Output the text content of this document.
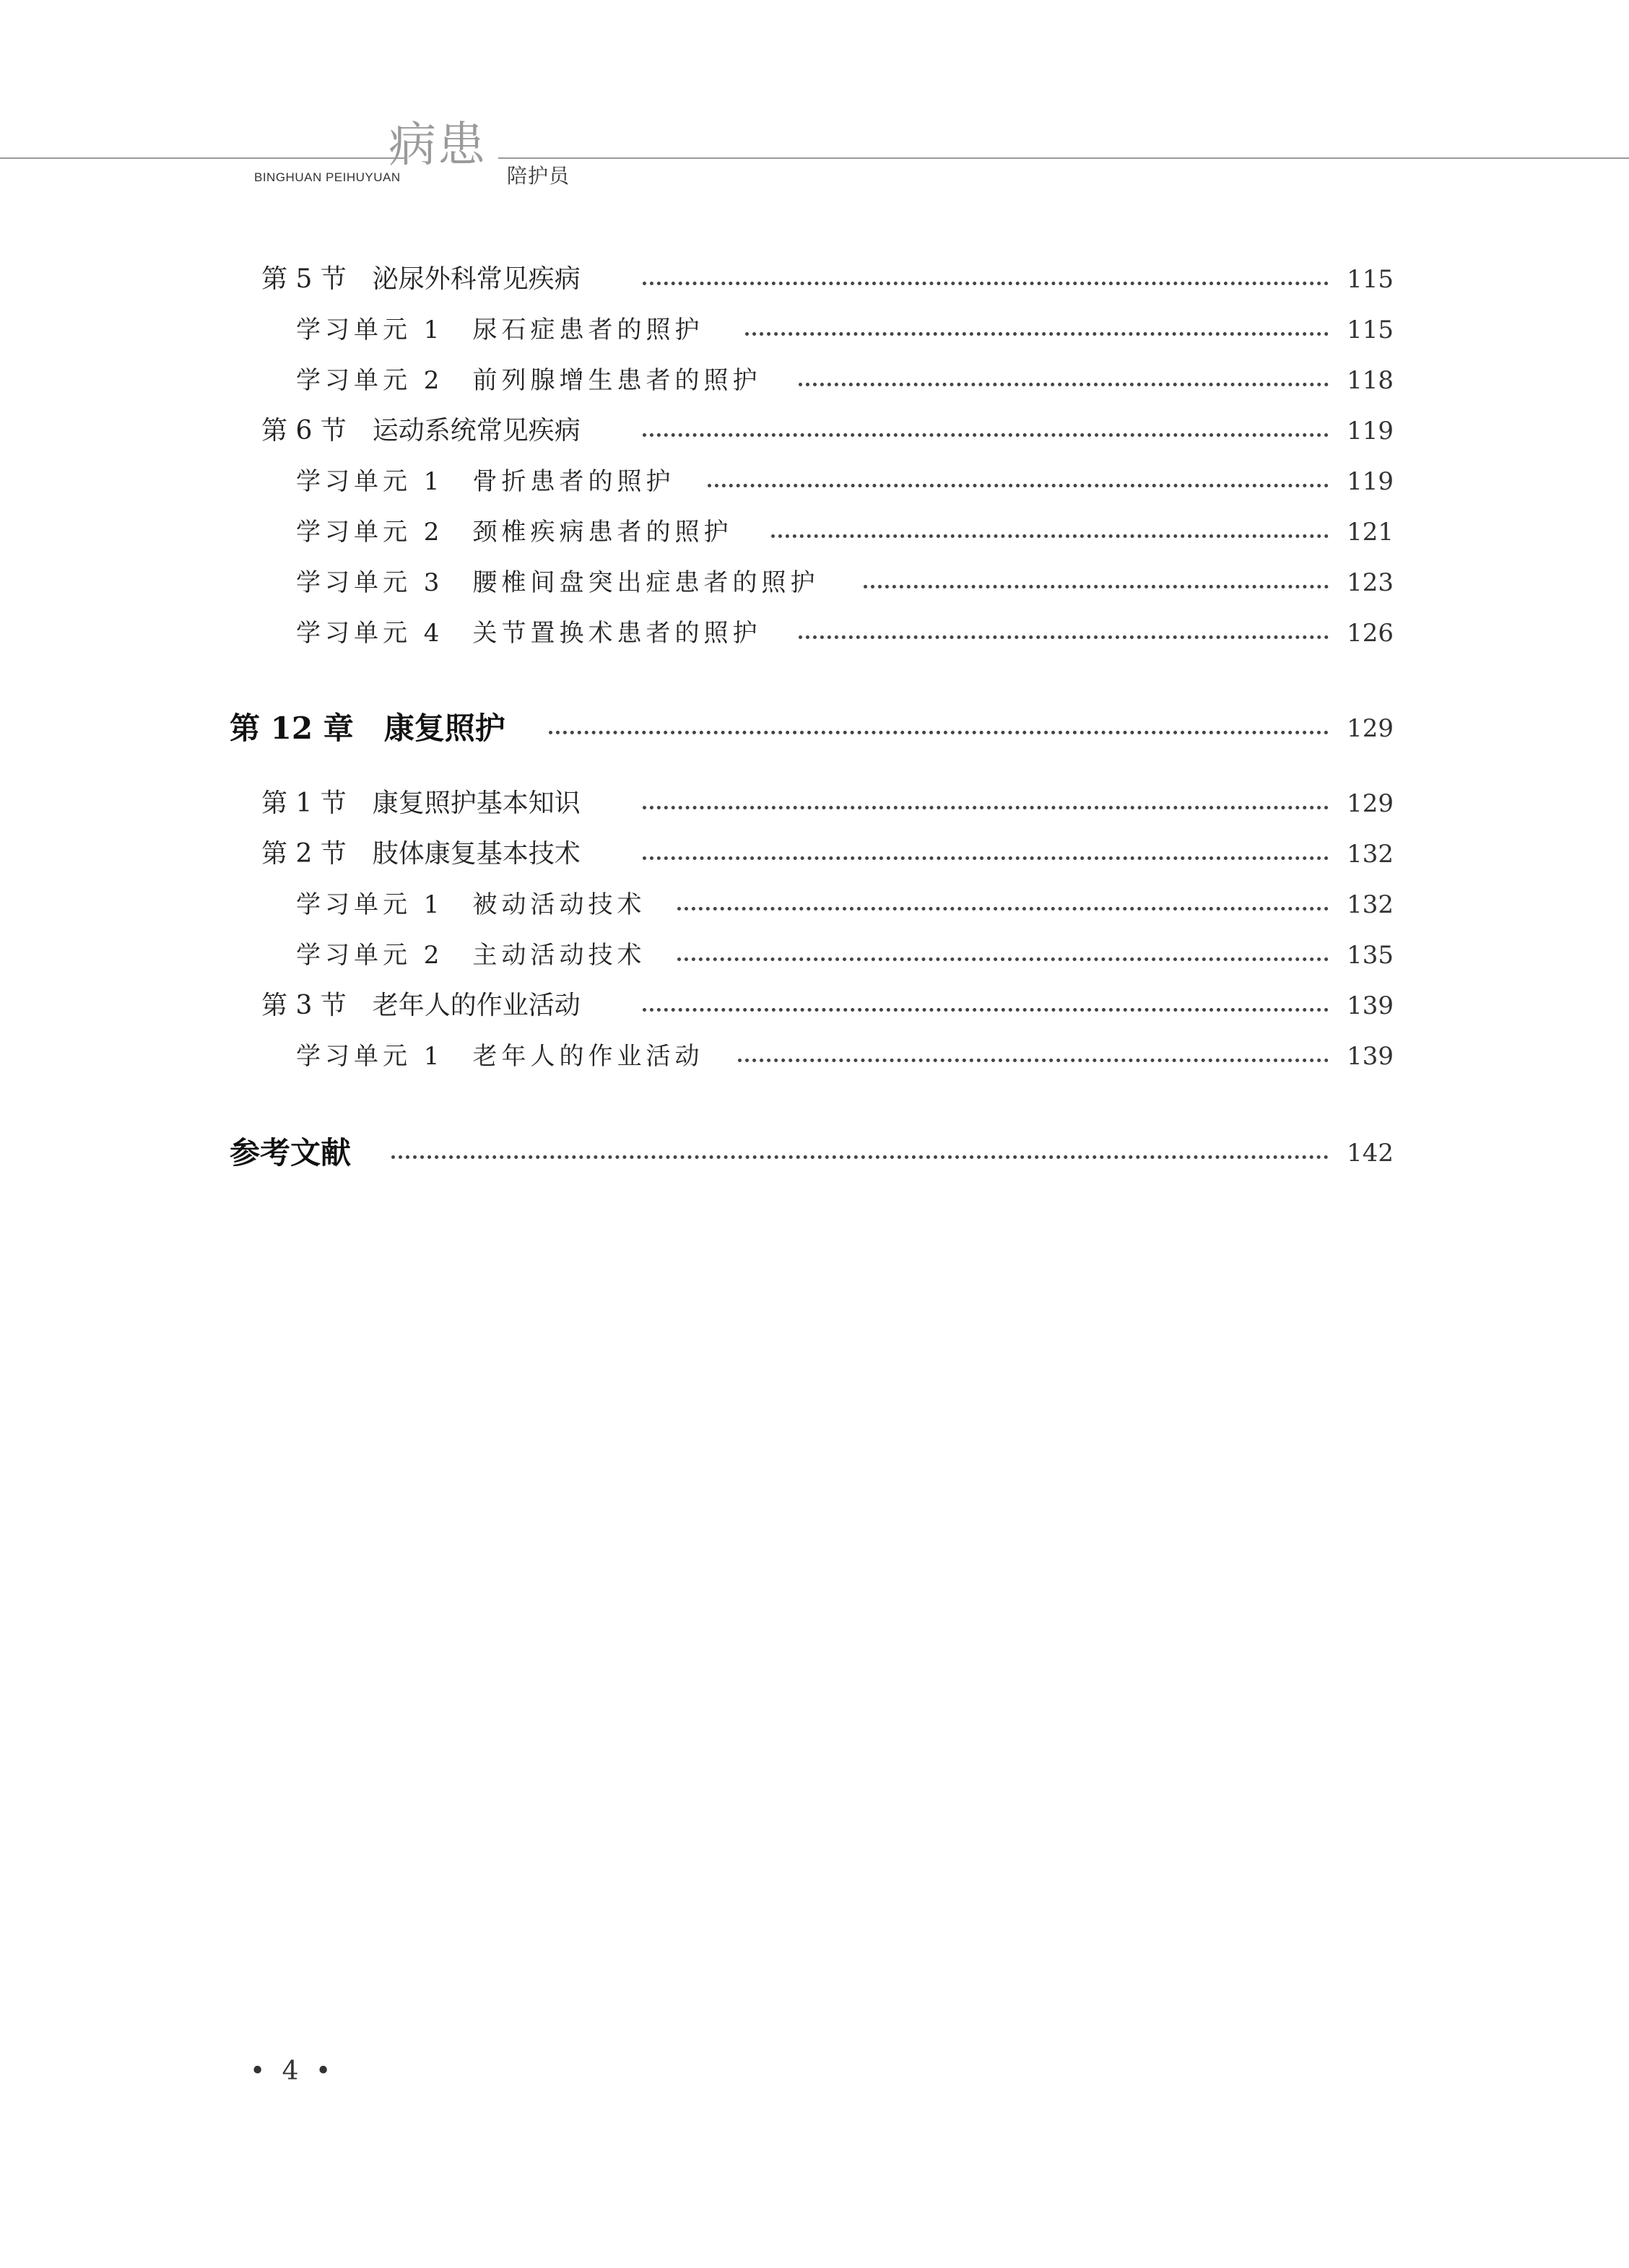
BINGHUAN PEIHUYUAN
病患
陪护员
第 5 节　泌尿外科常见疾病	115
学习单元 1　尿石症患者的照护	115
学习单元 2　前列腺增生患者的照护	118
第 6 节　运动系统常见疾病	119
学习单元 1　骨折患者的照护	119
学习单元 2　颈椎疾病患者的照护	121
学习单元 3　腰椎间盘突出症患者的照护	123
学习单元 4　关节置换术患者的照护	126
第 12 章　康复照护	129
第 1 节　康复照护基本知识	129
第 2 节　肢体康复基本技术	132
学习单元 1　被动活动技术	132
学习单元 2　主动活动技术	135
第 3 节　老年人的作业活动	139
学习单元 1　老年人的作业活动	139
参考文献	142
• 4 •
